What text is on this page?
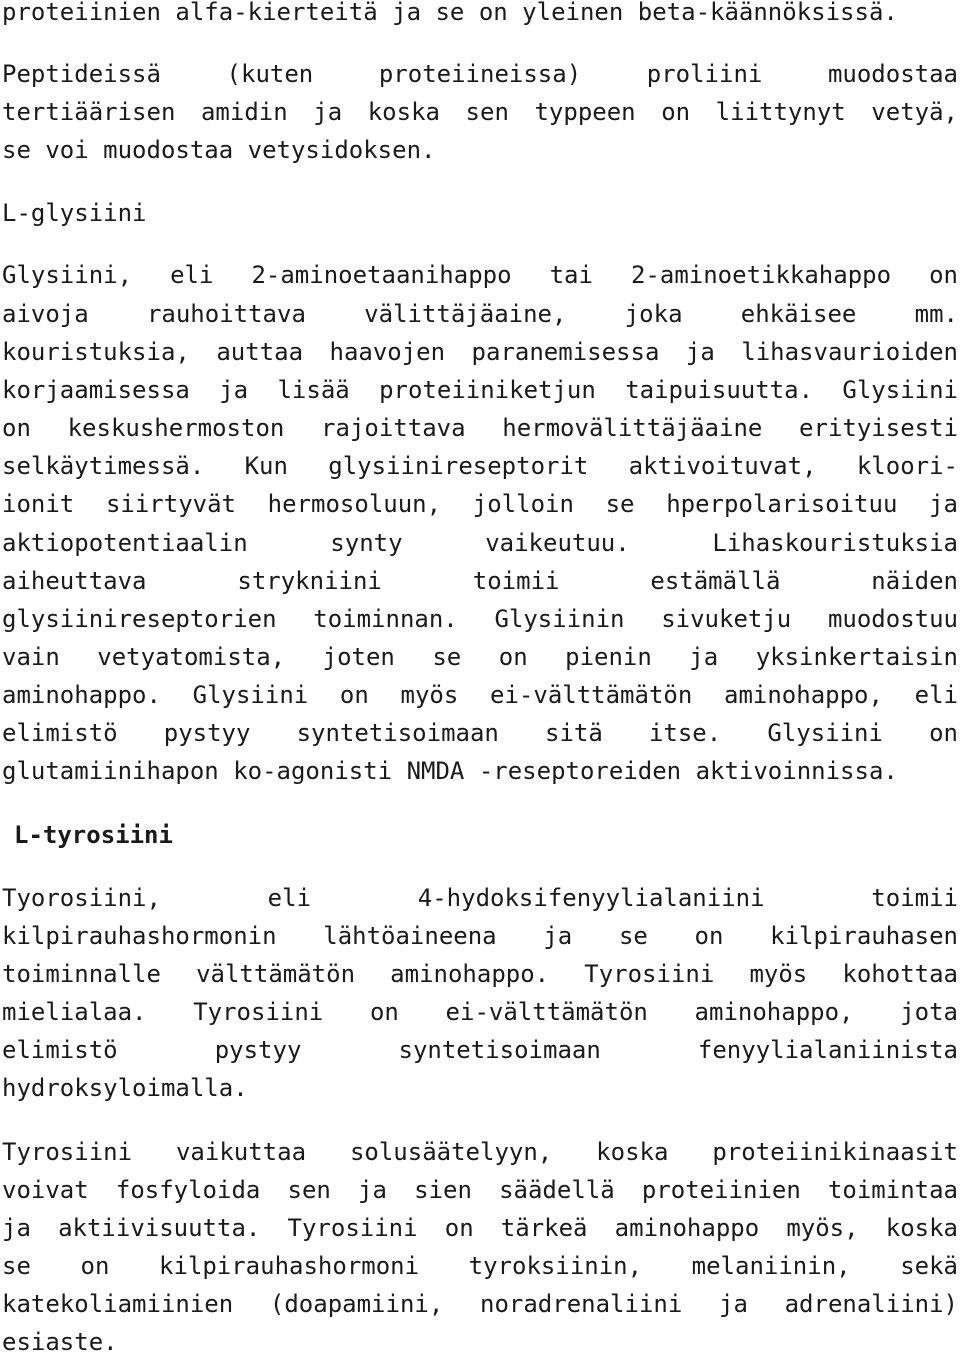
proteiinien alfa-kierteitä ja se on yleinen beta-käännöksissä.
Peptideissä (kuten proteiineissa) proliini muodostaa
tertiäärisen amidin ja koska sen typpeen on liittynyt vetyä,
se voi muodostaa vetysidoksen.
L-glysiini
Glysiini, eli 2-aminoetaanihappo tai 2-aminoetikkahappo on
aivoja rauhoittava välittäjäaine, joka ehkäisee mm.
kouristuksia, auttaa haavojen paranemisessa ja lihasvaurioiden
korjaamisessa ja lisää proteiiniketjun taipuisuutta. Glysiini
on keskushermoston rajoittava hermovälittäjäaine erityisesti
selkäytimessä. Kun glysiinireseptorit aktivoituvat, kloori-
ionit siirtyvät hermosoluun, jolloin se hperpolarisoituu ja
aktiopotentiaalin synty vaikeutuu. Lihaskouristuksia
aiheuttava strykniini toimii estämällä näiden
glysiinireseptorien toiminnan. Glysiinin sivuketju muodostuu
vain vetyatomista, joten se on pienin ja yksinkertaisin
aminohappo. Glysiini on myös ei-välttämätön aminohappo, eli
elimistö pystyy syntetisoimaan sitä itse. Glysiini on
glutamiinihapon ko-agonisti NMDA -reseptoreiden aktivoinnissa.
L-tyrosiini
Tyorosiini, eli 4-hydoksifenyylialaniini toimii
kilpirauhashormonin lähtöaineena ja se on kilpirauhasen
toiminnalle välttämätön aminohappo. Tyrosiini myös kohottaa
mielialaa. Tyrosiini on ei-välttämätön aminohappo, jota
elimistö pystyy syntetisoimaan fenyylialaniinista
hydroksyloimalla.
Tyrosiini vaikuttaa solusäätelyyn, koska proteiinikinaasit
voivat fosfyloida sen ja sien säädellä proteiinien toimintaa
ja aktiivisuutta. Tyrosiini on tärkeä aminohappo myös, koska
se on kilpirauhashormoni tyroksiinin, melaniinin, sekä
katekoliamiinien (doapamiini, noradrenaliini ja adrenaliini)
esiaste.
